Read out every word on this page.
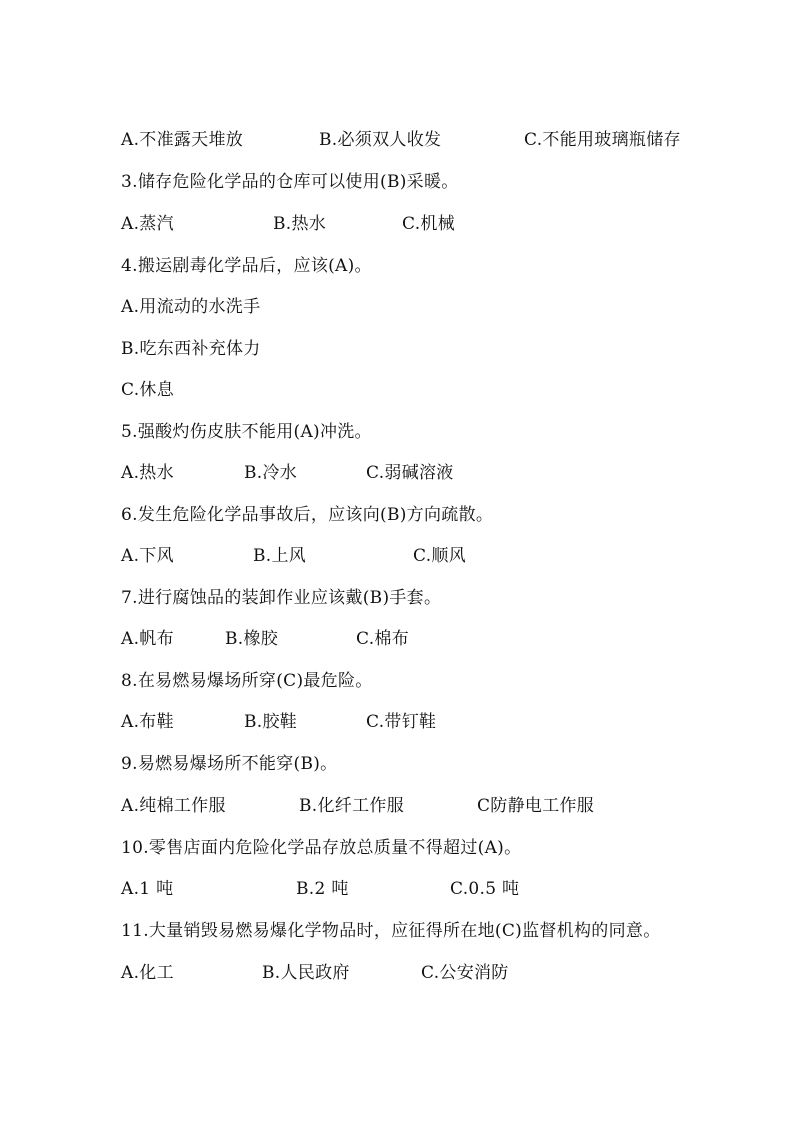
A.不准露天堆放	B.必须双人收发	C.不能用玻璃瓶储存
3.储存危险化学品的仓库可以使用(B)采暖。
A.蒸汽	B.热水	C.机械
4.搬运剧毒化学品后，应该(A)。
A.用流动的水洗手
B.吃东西补充体力
C.休息
5.强酸灼伤皮肤不能用(A)冲洗。
A.热水	B.冷水	C.弱碱溶液
6.发生危险化学品事故后，应该向(B)方向疏散。
A.下风	B.上风	C.顺风
7.进行腐蚀品的装卸作业应该戴(B)手套。
A.帆布	B.橡胶	C.棉布
8.在易燃易爆场所穿(C)最危险。
A.布鞋	B.胶鞋	C.带钉鞋
9.易燃易爆场所不能穿(B)。
A.纯棉工作服	B.化纤工作服	C防静电工作服
10.零售店面内危险化学品存放总质量不得超过(A)。
A.1 吨	B.2 吨	C.0.5 吨
11.大量销毁易燃易爆化学物品时，应征得所在地(C)监督机构的同意。
A.化工	B.人民政府	C.公安消防
